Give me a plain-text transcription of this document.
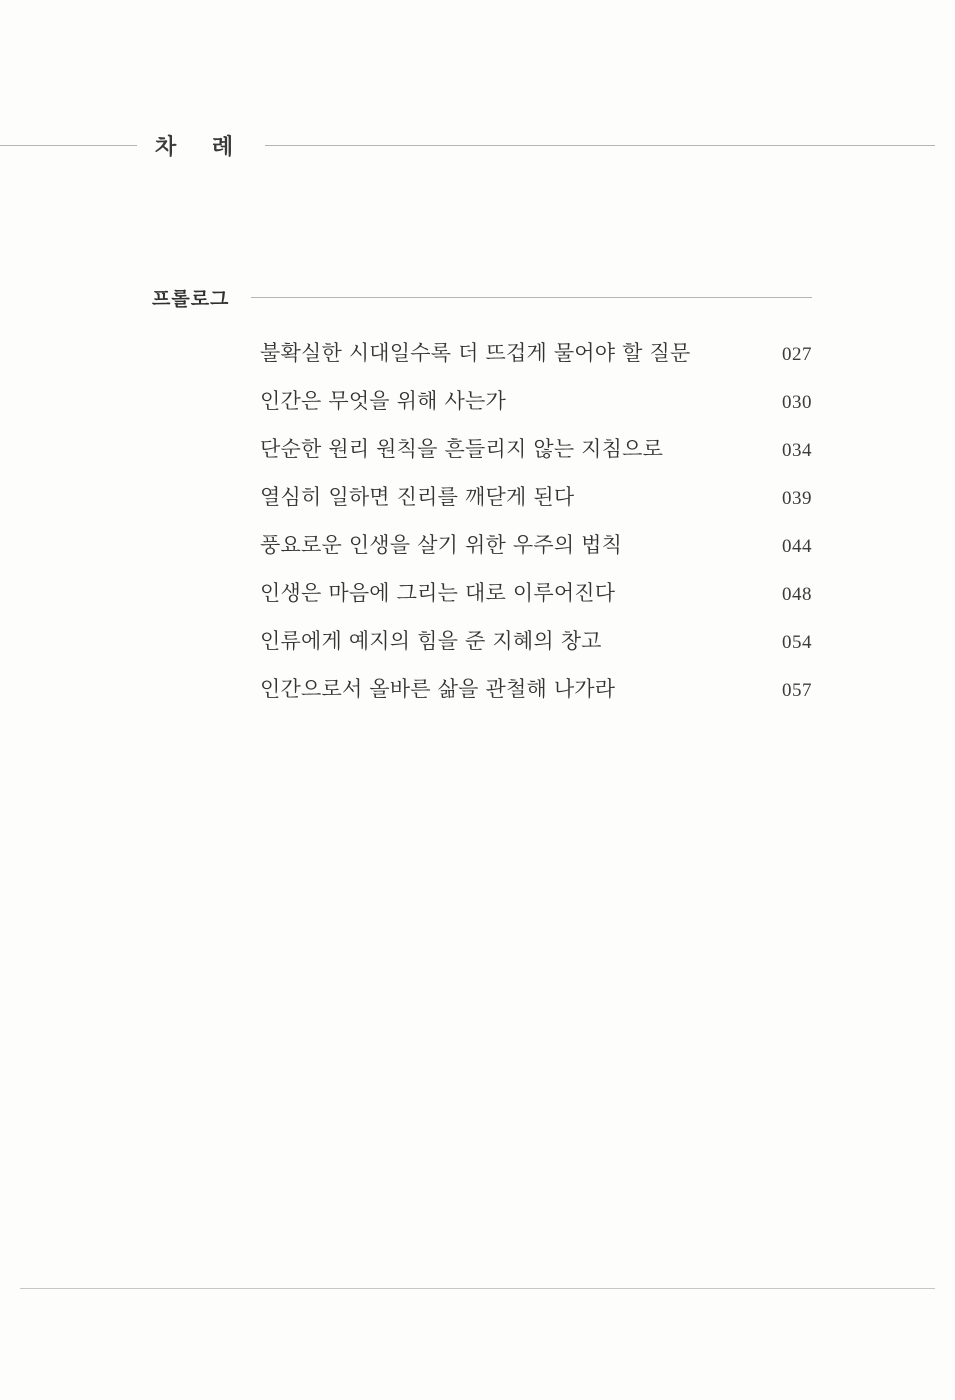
차 례
프롤로그
불확실한 시대일수록 더 뜨겁게 물어야 할 질문	027
인간은 무엇을 위해 사는가	030
단순한 원리 원칙을 흔들리지 않는 지침으로	034
열심히 일하면 진리를 깨닫게 된다	039
풍요로운 인생을 살기 위한 우주의 법칙	044
인생은 마음에 그리는 대로 이루어진다	048
인류에게 예지의 힘을 준 지혜의 창고	054
인간으로서 올바른 삶을 관철해 나가라	057
